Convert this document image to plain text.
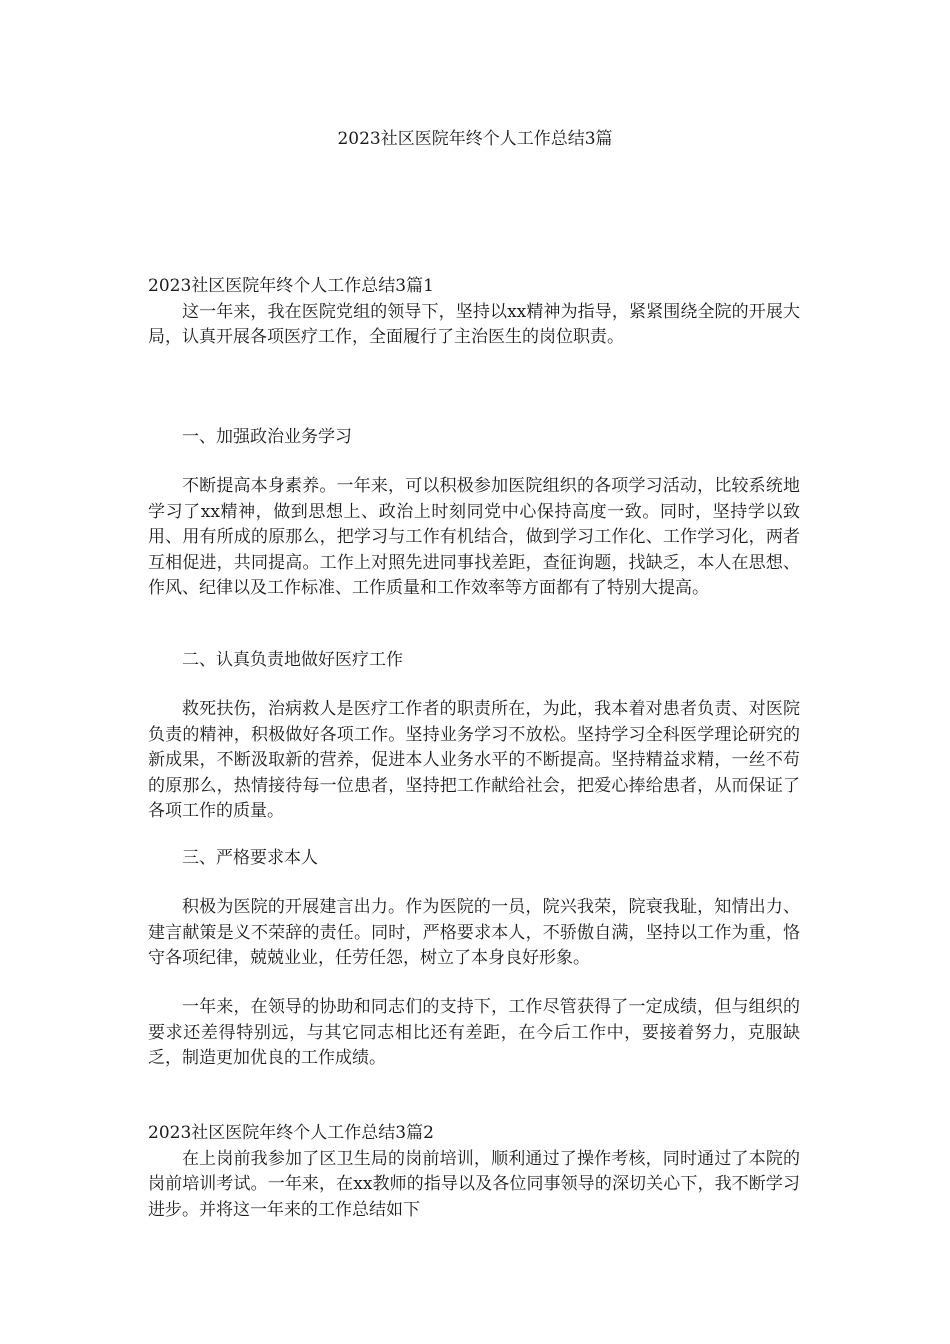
2023社区医院年终个人工作总结3篇

2023社区医院年终个人工作总结3篇1

这一年来，我在医院党组的领导下，坚持以xx精神为指导，紧紧围绕全院的开展大局，认真开展各项医疗工作，全面履行了主治医生的岗位职责。

一、加强政治业务学习

不断提高本身素养。一年来，可以积极参加医院组织的各项学习活动，比较系统地学习了xx精神，做到思想上、政治上时刻同党中心保持高度一致。同时，坚持学以致用、用有所成的原那么，把学习与工作有机结合，做到学习工作化、工作学习化，两者互相促进，共同提高。工作上对照先进同事找差距，查征询题，找缺乏，本人在思想、作风、纪律以及工作标准、工作质量和工作效率等方面都有了特别大提高。

二、认真负责地做好医疗工作

救死扶伤，治病救人是医疗工作者的职责所在，为此，我本着对患者负责、对医院负责的精神，积极做好各项工作。坚持业务学习不放松。坚持学习全科医学理论研究的新成果，不断汲取新的营养，促进本人业务水平的不断提高。坚持精益求精，一丝不苟的原那么，热情接待每一位患者，坚持把工作献给社会，把爱心捧给患者，从而保证了各项工作的质量。

三、严格要求本人

积极为医院的开展建言出力。作为医院的一员，院兴我荣，院衰我耻，知情出力、建言献策是义不荣辞的责任。同时，严格要求本人，不骄傲自满，坚持以工作为重，恪守各项纪律，兢兢业业，任劳任怨，树立了本身良好形象。

一年来，在领导的协助和同志们的支持下，工作尽管获得了一定成绩，但与组织的要求还差得特别远，与其它同志相比还有差距，在今后工作中，要接着努力，克服缺乏，制造更加优良的工作成绩。

2023社区医院年终个人工作总结3篇2

在上岗前我参加了区卫生局的岗前培训，顺利通过了操作考核，同时通过了本院的岗前培训考试。一年来，在xx教师的指导以及各位同事领导的深切关心下，我不断学习进步。并将这一年来的工作总结如下
